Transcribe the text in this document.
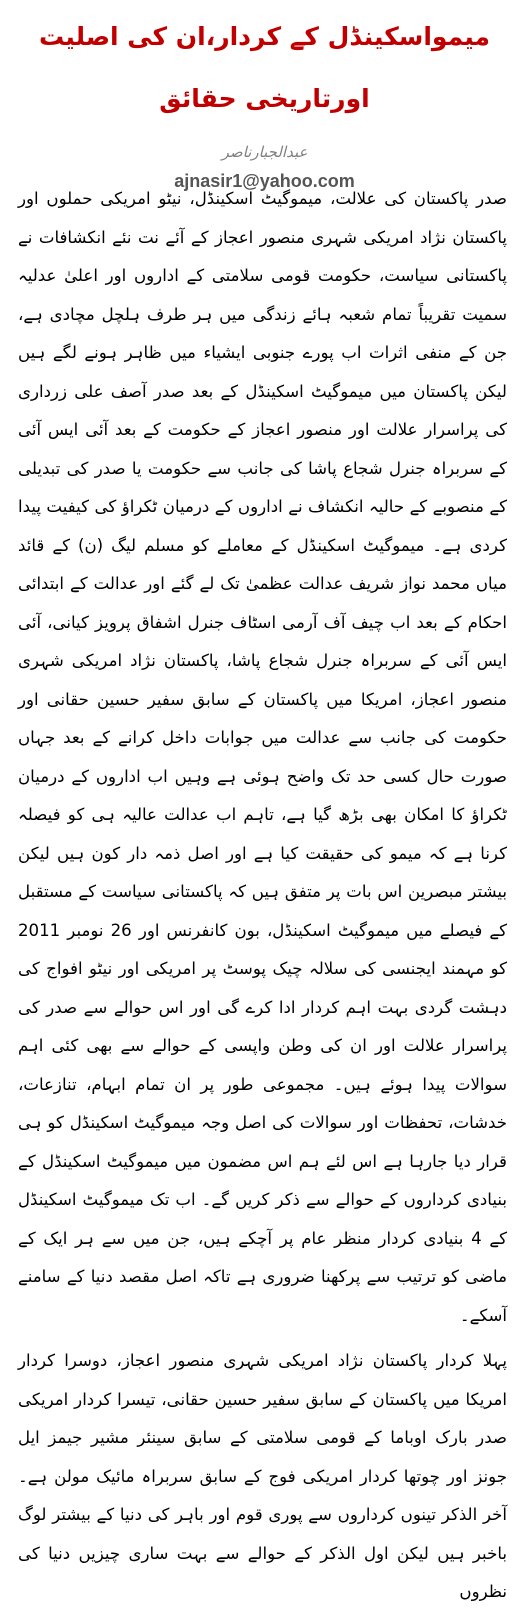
میمواسکینڈل کے کردار،ان کی اصلیت اورتاریخی حقائق
عبدالجبارناصر
ajnasir1@yahoo.com

صدر پاکستان کی علالت، میموگیٹ اسکینڈل، نیٹو امریکی حملوں اور پاکستان نژاد امریکی شہری منصور اعجاز کے آئے نت نئے انکشافات نے پاکستانی سیاست، حکومت قومی سلامتی کے اداروں اور اعلیٰ عدلیہ سمیت تقریباً تمام شعبہ ہائے زندگی میں ہر طرف ہلچل مچادی ہے، جن کے منفی اثرات اب پورے جنوبی ایشیاء میں ظاہر ہونے لگے ہیں لیکن پاکستان میں میموگیٹ اسکینڈل کے بعد صدر آصف علی زرداری کی پراسرار علالت اور منصور اعجاز کے حکومت کے بعد آئی ایس آئی کے سربراہ جنرل شجاع پاشا کی جانب سے حکومت یا صدر کی تبدیلی کے منصوبے کے حالیہ انکشاف نے اداروں کے درمیان ٹکراؤ کی کیفیت پیدا کردی ہے۔ میموگیٹ اسکینڈل کے معاملے کو مسلم لیگ (ن) کے قائد میاں محمد نواز شریف عدالت عظمیٰ تک لے گئے اور عدالت کے ابتدائی احکام کے بعد اب چیف آف آرمی اسٹاف جنرل اشفاق پرویز کیانی، آئی ایس آئی کے سربراہ جنرل شجاع پاشا، پاکستان نژاد امریکی شہری منصور اعجاز، امریکا میں پاکستان کے سابق سفیر حسین حقانی اور حکومت کی جانب سے عدالت میں جوابات داخل کرانے کے بعد جہاں صورت حال کسی حد تک واضح ہوئی ہے وہیں اب اداروں کے درمیان ٹکراؤ کا امکان بھی بڑھ گیا ہے، تاہم اب عدالت عالیہ ہی کو فیصلہ کرنا ہے کہ میمو کی حقیقت کیا ہے اور اصل ذمہ دار کون ہیں لیکن بیشتر مبصرین اس بات پر متفق ہیں کہ پاکستانی سیاست کے مستقبل کے فیصلے میں میموگیٹ اسکینڈل، بون کانفرنس اور 26 نومبر 2011 کو مہمند ایجنسی کی سلالہ چیک پوسٹ پر امریکی اور نیٹو افواج کی دہشت گردی بہت اہم کردار ادا کرے گی اور اس حوالے سے صدر کی پراسرار علالت اور ان کی وطن واپسی کے حوالے سے بھی کئی اہم سوالات پیدا ہوئے ہیں۔ مجموعی طور پر ان تمام ابہام، تنازعات، خدشات، تحفظات اور سوالات کی اصل وجہ میموگیٹ اسکینڈل کو ہی قرار دیا جارہا ہے اس لئے ہم اس مضمون میں میموگیٹ اسکینڈل کے بنیادی کرداروں کے حوالے سے ذکر کریں گے۔ اب تک میموگیٹ اسکینڈل کے 4 بنیادی کردار منظر عام پر آچکے ہیں، جن میں سے ہر ایک کے ماضی کو ترتیب سے پرکھنا ضروری ہے تاکہ اصل مقصد دنیا کے سامنے آسکے۔

پہلا کردار پاکستان نژاد امریکی شہری منصور اعجاز، دوسرا کردار امریکا میں پاکستان کے سابق سفیر حسین حقانی، تیسرا کردار امریکی صدر بارک اوباما کے قومی سلامتی کے سابق سینئر مشیر جیمز ایل جونز اور چوتھا کردار امریکی فوج کے سابق سربراہ مائیک مولن ہے۔ آخر الذکر تینوں کرداروں سے پوری قوم اور باہر کی دنیا کے بیشتر لوگ باخبر ہیں لیکن اول الذکر کے حوالے سے بہت ساری چیزیں دنیا کی نظروں
